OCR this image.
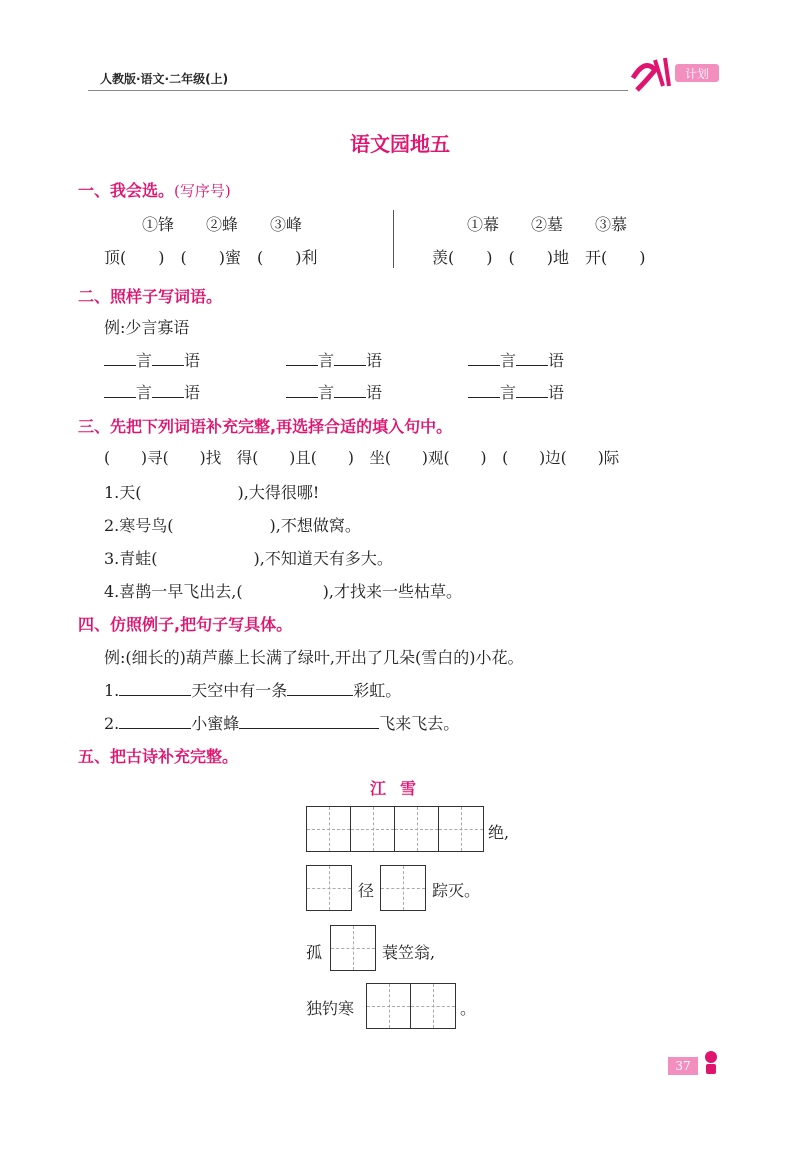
人教版·语文·二年级(上)	计划
语文园地五
一、我会选。(写序号)
①锋　　②蜂　　③峰
顶(　　)　(　　)蜜　(　　)利
①幕　　②墓　　③慕
羡(　　)　(　　)地　开(　　)
二、照样子写词语。
例:少言寡语
言 语	言 语	言 语
言 语	言 语	言 语
三、先把下列词语补充完整,再选择合适的填入句中。
(　　)寻(　　)找　得(　　)且(　　)　坐(　　)观(　　)　(　　)边(　　)际
1.天(	),大得很哪!
2.寒号鸟(	),不想做窝。
3.青蛙(	),不知道天有多大。
4.喜鹊一早飞出去,(	),才找来一些枯草。
四、仿照例子,把句子写具体。
例:(细长的)葫芦藤上长满了绿叶,开出了几朵(雪白的)小花。
1.	天空中有一条	彩虹。
2.	小蜜蜂	飞来飞去。
五、把古诗补充完整。
江雪
绝,
径	踪灭。
孤	蓑笠翁,
独钓寒	。
37
